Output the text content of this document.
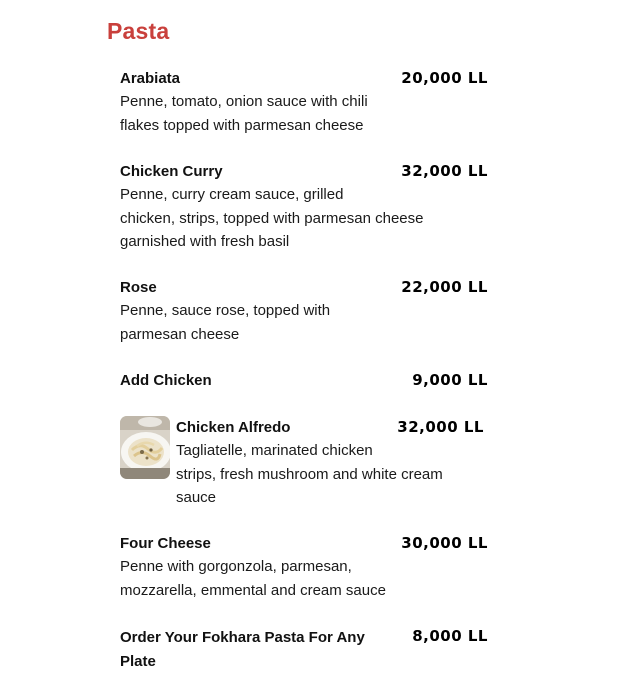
Pasta
Arabiata	20,000 LL
Penne, tomato, onion sauce with chili
flakes topped with parmesan cheese
Chicken Curry	32,000 LL
Penne, curry cream sauce, grilled
chicken, strips, topped with parmesan cheese
garnished with fresh basil
Rose	22,000 LL
Penne, sauce rose, topped with
parmesan cheese
Add Chicken	9,000 LL
Chicken Alfredo	32,000 LL
Tagliatelle, marinated chicken
strips, fresh mushroom and white cream
sauce
Four Cheese	30,000 LL
Penne with gorgonzola, parmesan,
mozzarella, emmental and cream sauce
Order Your Fokhara Pasta For Any
Plate
8,000 LL
